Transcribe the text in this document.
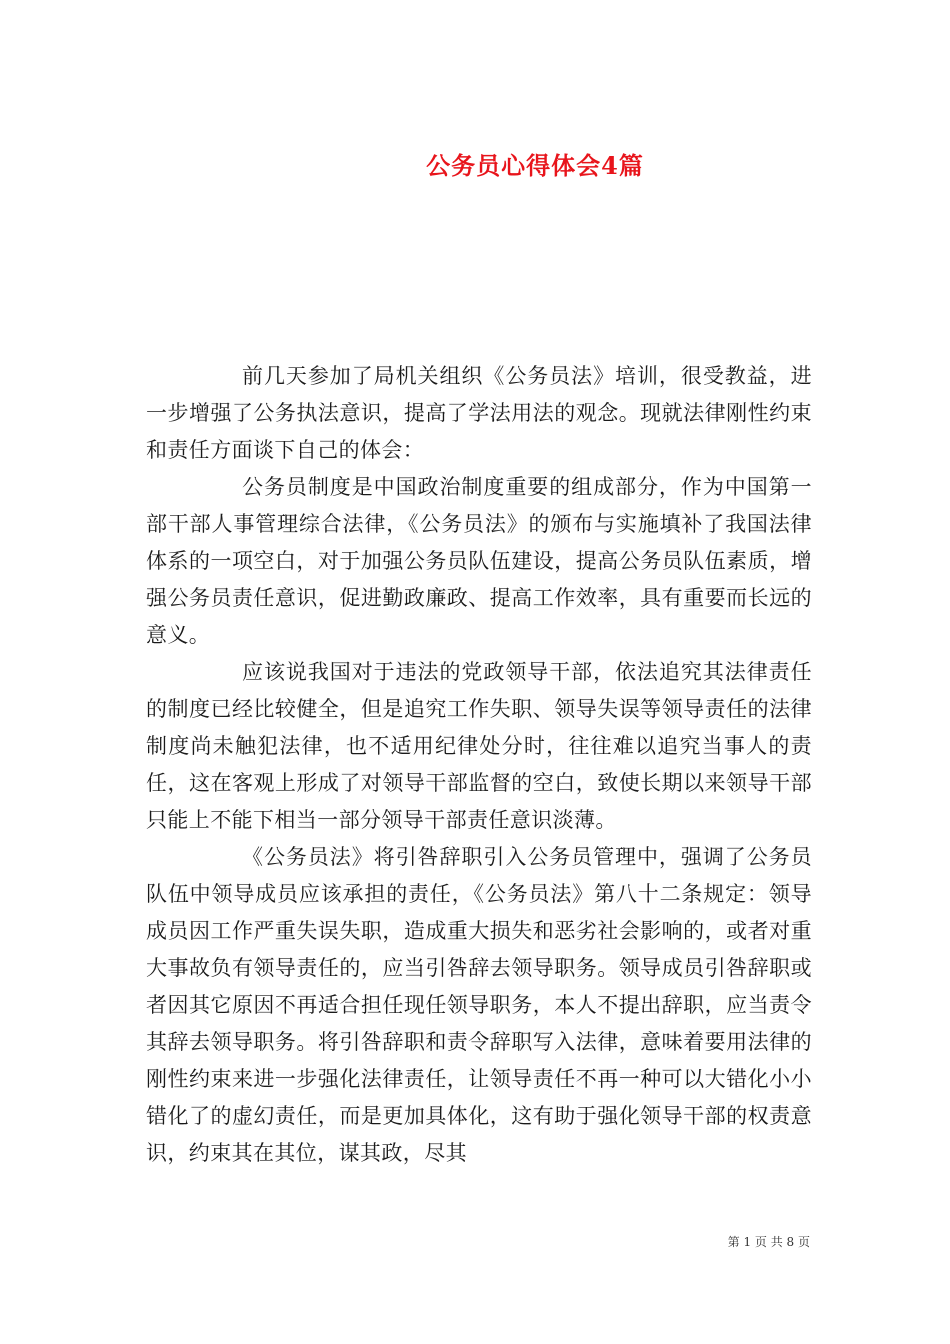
公务员心得体会4篇

前几天参加了局机关组织《公务员法》培训，很受教益，进一步增强了公务执法意识，提高了学法用法的观念。现就法律刚性约束和责任方面谈下自己的体会：

公务员制度是中国政治制度重要的组成部分，作为中国第一部干部人事管理综合法律，《公务员法》的颁布与实施填补了我国法律体系的一项空白，对于加强公务员队伍建设，提高公务员队伍素质，增强公务员责任意识，促进勤政廉政、提高工作效率，具有重要而长远的意义。

应该说我国对于违法的党政领导干部，依法追究其法律责任的制度已经比较健全，但是追究工作失职、领导失误等领导责任的法律制度尚未触犯法律，也不适用纪律处分时，往往难以追究当事人的责任，这在客观上形成了对领导干部监督的空白，致使长期以来领导干部只能上不能下相当一部分领导干部责任意识淡薄。

《公务员法》将引咎辞职引入公务员管理中，强调了公务员队伍中领导成员应该承担的责任，《公务员法》第八十二条规定：领导成员因工作严重失误失职，造成重大损失和恶劣社会影响的，或者对重大事故负有领导责任的，应当引咎辞去领导职务。领导成员引咎辞职或者因其它原因不再适合担任现任领导职务，本人不提出辞职，应当责令其辞去领导职务。将引咎辞职和责令辞职写入法律，意味着要用法律的刚性约束来进一步强化法律责任，让领导责任不再一种可以大错化小小错化了的虚幻责任，而是更加具体化，这有助于强化领导干部的权责意识，约束其在其位，谋其政，尽其

第 1 页 共 8 页
